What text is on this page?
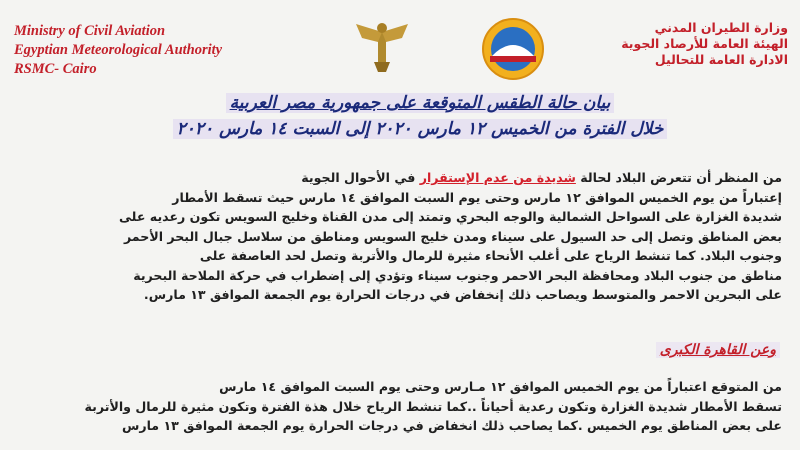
Ministry of Civil Aviation
Egyptian Meteorological Authority
RSMC- Cairo
وزارة الطيران المدني
الهيئة العامة للأرصاد الجوية
الادارة العامة للتحاليل
بيان حالة الطقس المتوقعة على جمهورية مصر العربية
خلال الفترة من الخميس ١٢ مارس ٢٠٢٠ إلى السبت ١٤ مارس ٢٠٢٠
من المنظر أن تتعرض البلاد لحالة شديدة من عدم الإستقرار في الأحوال الجوية
إعتباراً من يوم الخميس الموافق ١٢ مارس وحتى يوم السبت الموافق ١٤ مارس حيث تسقط الأمطار
شديدة الغزارة على السواحل الشمالية والوجه البحري وتمتد إلى مدن القناة وخليج السويس تكون رعديه على
بعض المناطق وتصل إلى حد السيول على سيناء ومدن خليج السويس ومناطق من سلاسل جبال البحر الأحمر
وجنوب البلاد. كما تنشط الرياح على أغلب الأنحاء مثيرة للرمال والأتربة وتصل لحد العاصفة على
مناطق من جنوب البلاد ومحافظة البحر الاحمر وجنوب سيناء وتؤدي إلى إضطراب في حركة الملاحة البحرية
على البحرين الاحمر والمتوسط ويصاحب ذلك إنخفاض في درجات الحرارة يوم الجمعة الموافق ١٣ مارس.
وعن القاهرة الكبرى
من المتوقع اعتباراً من يوم الخميس الموافق ١٢ مـارس وحتى يوم السبت الموافق ١٤ مارس
تسقط الأمطار شديدة الغزارة وتكون رعدية أحياناً ..كما تنشط الرياح خلال هذة الفترة وتكون مثيرة للرمال والأتربة
على بعض المناطق يوم الخميس .كما يصاحب ذلك انخفاض في درجات الحرارة يوم الجمعة الموافق ١٣ مارس
